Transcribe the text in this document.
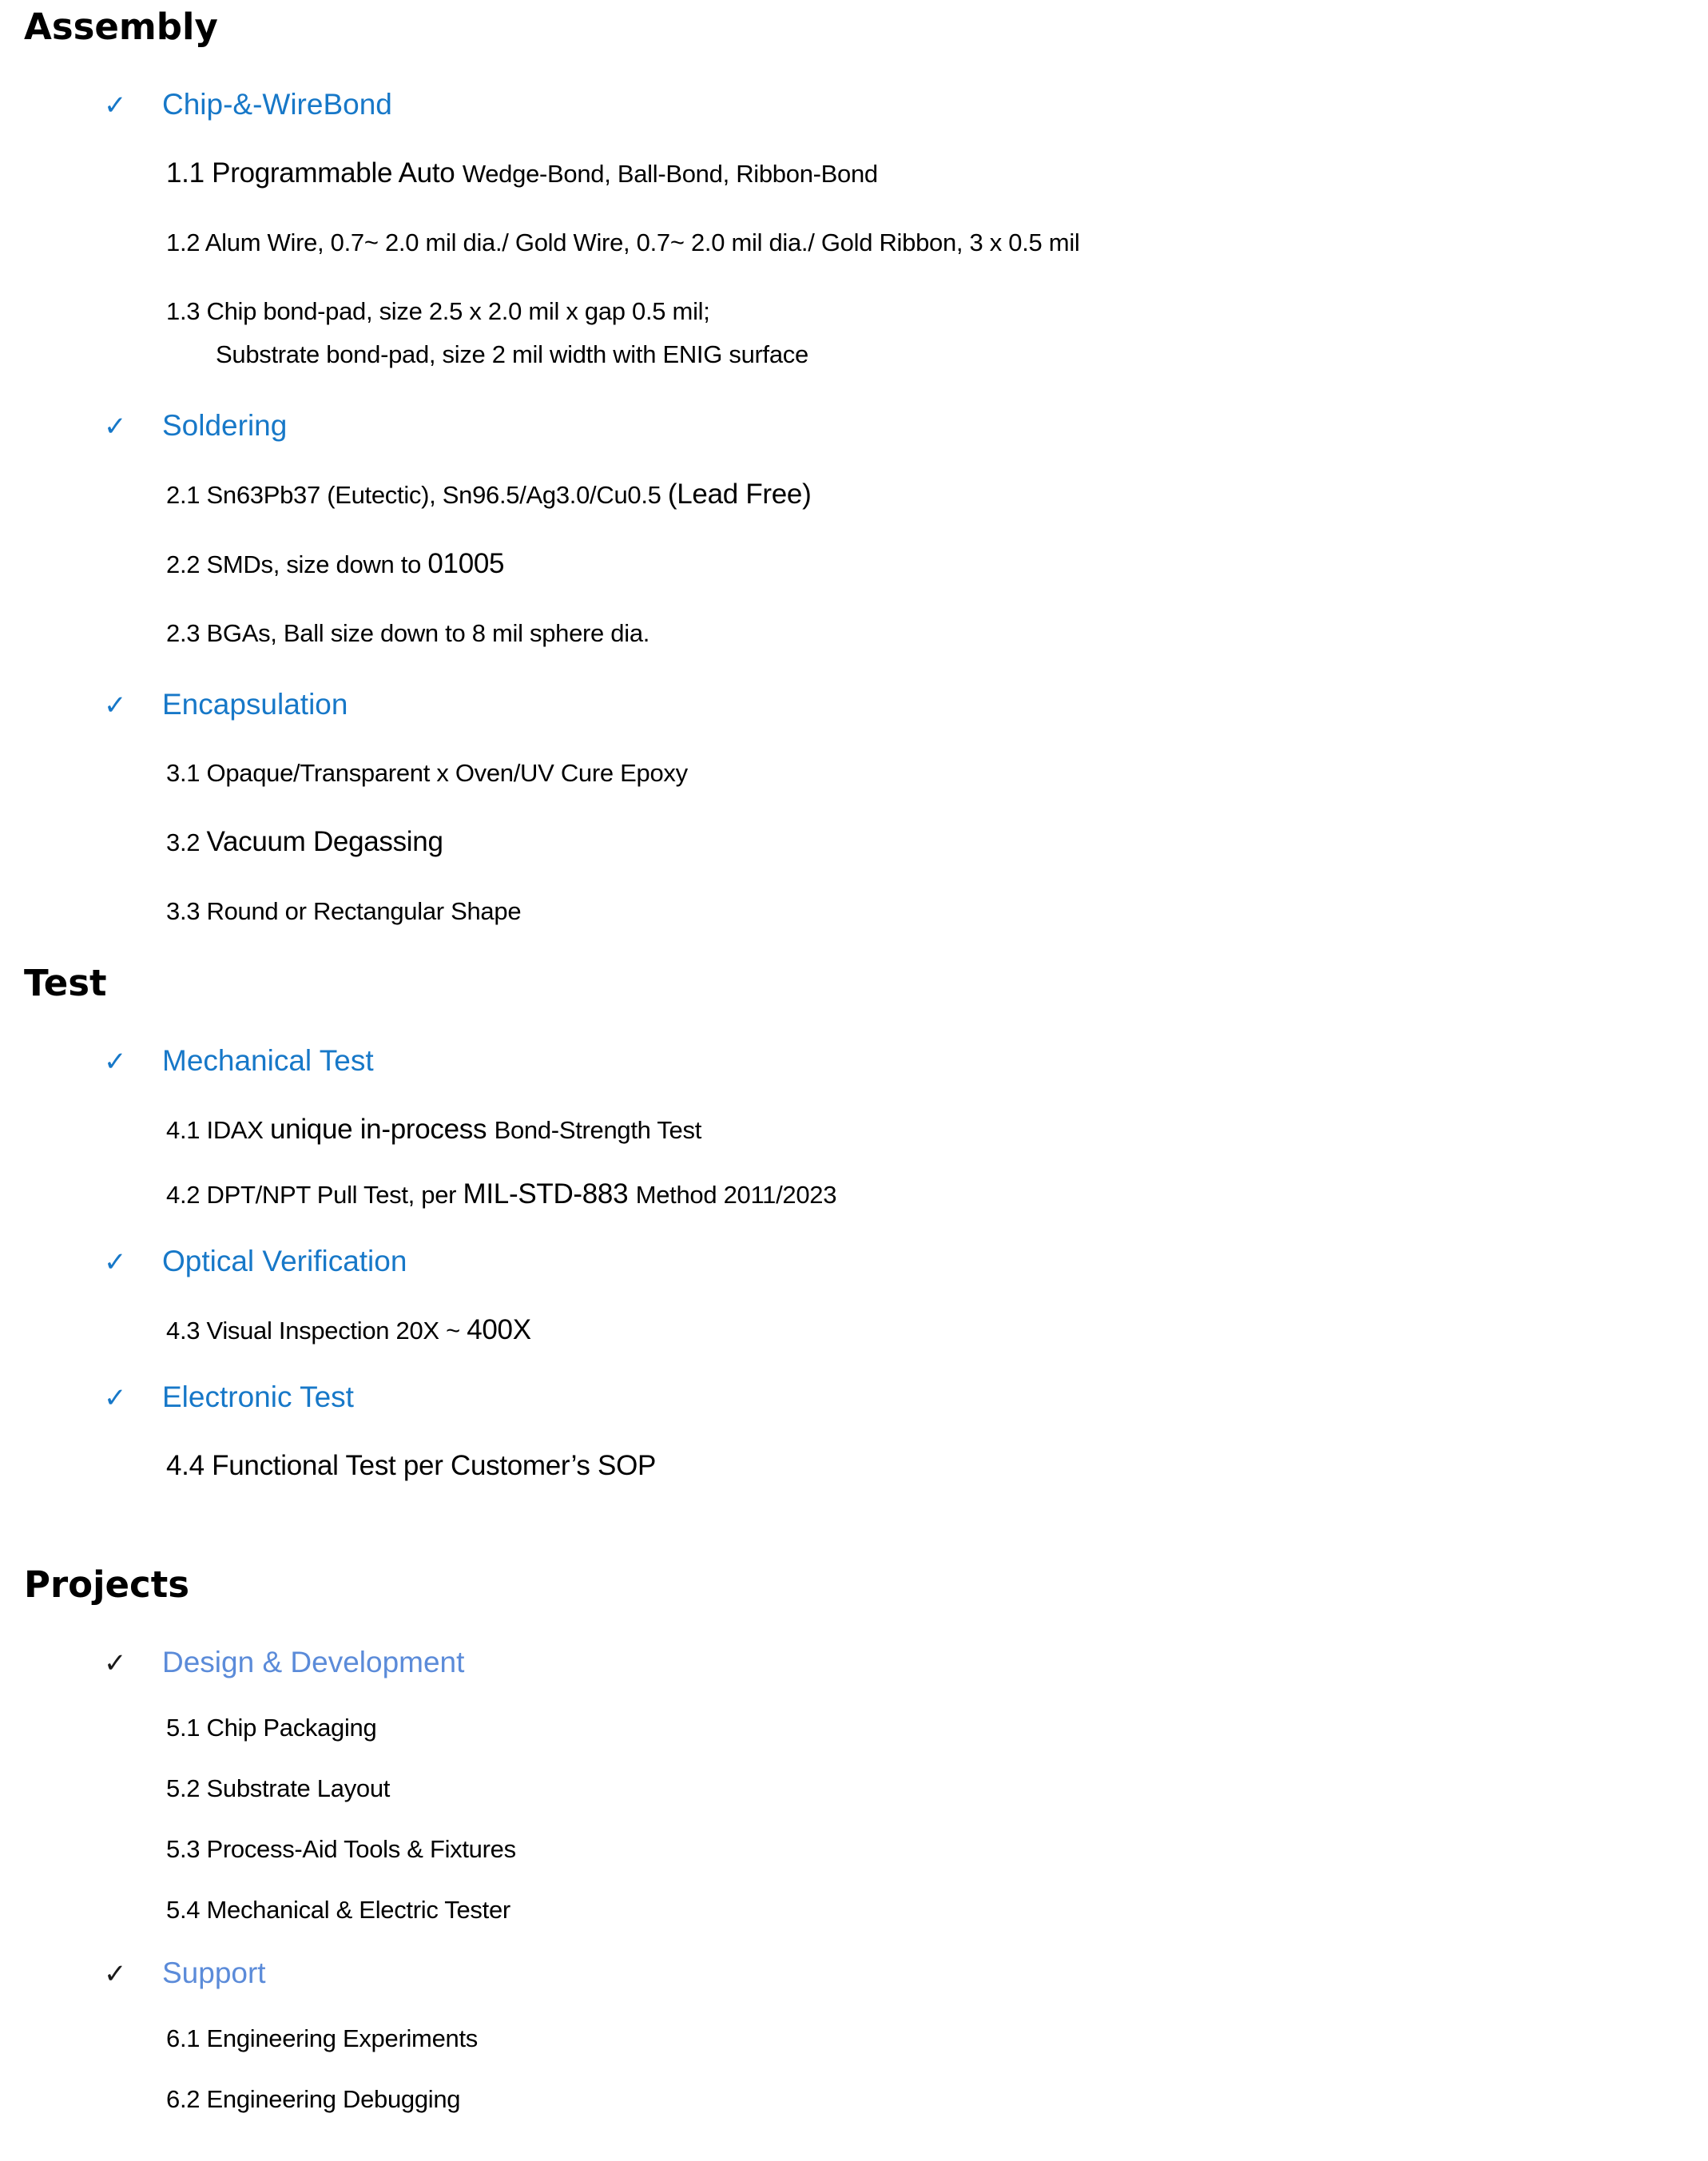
Assembly
✓ Chip-&-WireBond
1.1 Programmable Auto Wedge-Bond, Ball-Bond, Ribbon-Bond
1.2 Alum Wire, 0.7~ 2.0 mil dia./ Gold Wire, 0.7~ 2.0 mil dia./ Gold Ribbon, 3 x 0.5 mil
1.3 Chip bond-pad, size 2.5 x 2.0 mil x gap 0.5 mil;
Substrate bond-pad, size 2 mil width with ENIG surface
✓ Soldering
2.1 Sn63Pb37 (Eutectic), Sn96.5/Ag3.0/Cu0.5 (Lead Free)
2.2 SMDs, size down to 01005
2.3 BGAs, Ball size down to 8 mil sphere dia.
✓ Encapsulation
3.1 Opaque/Transparent x Oven/UV Cure Epoxy
3.2 Vacuum Degassing
3.3 Round or Rectangular Shape
Test
✓ Mechanical Test
4.1 IDAX unique in-process Bond-Strength Test
4.2 DPT/NPT Pull Test, per MIL-STD-883 Method 2011/2023
✓ Optical Verification
4.3 Visual Inspection 20X ~ 400X
✓ Electronic Test
4.4 Functional Test per Customer’s SOP
Projects
✓ Design & Development
5.1 Chip Packaging
5.2 Substrate Layout
5.3 Process-Aid Tools & Fixtures
5.4 Mechanical & Electric Tester
✓ Support
6.1 Engineering Experiments
6.2 Engineering Debugging
